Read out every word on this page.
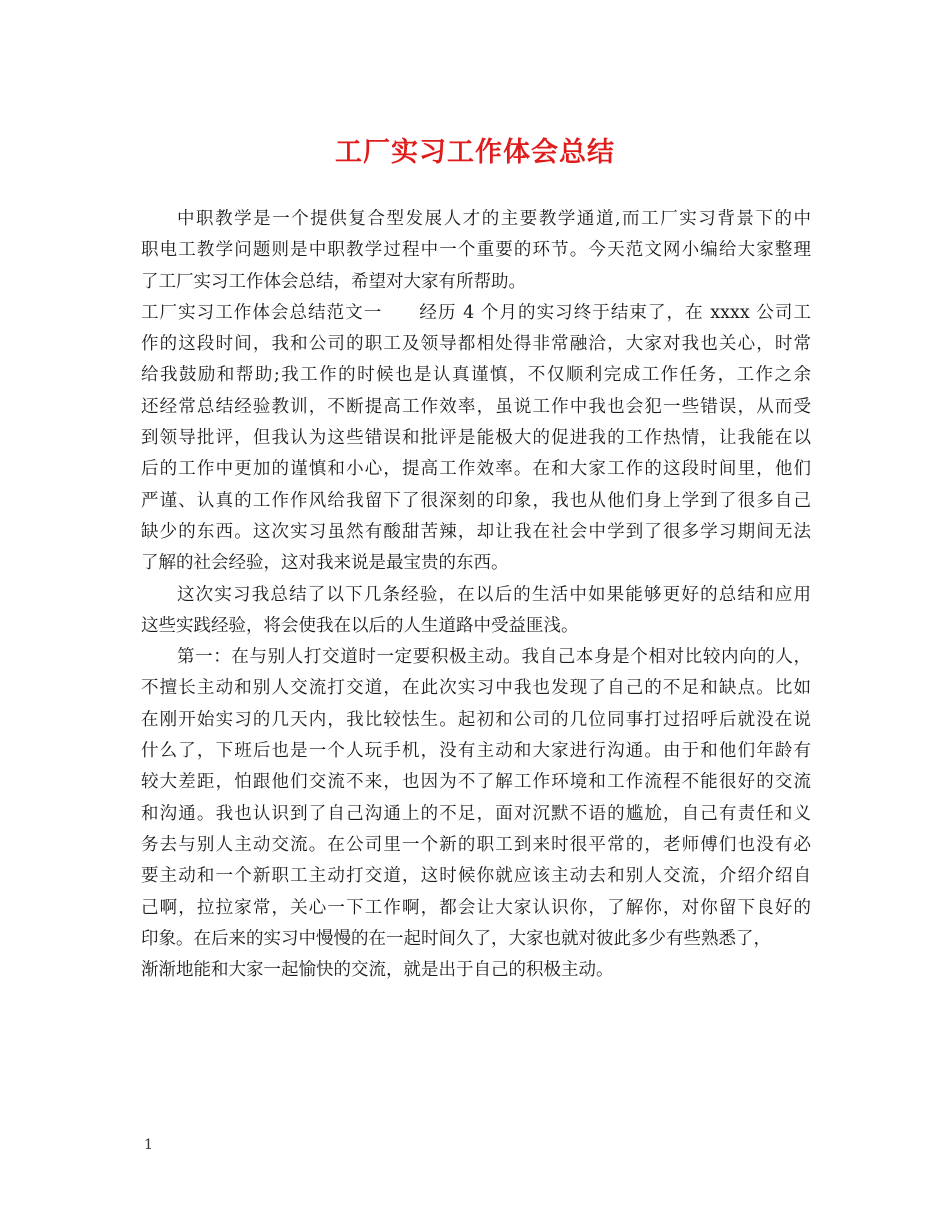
工厂实习工作体会总结
中职教学是一个提供复合型发展人才的主要教学通道,而工厂实习背景下的中
职电工教学问题则是中职教学过程中一个重要的环节。今天范文网小编给大家整理
了工厂实习工作体会总结，希望对大家有所帮助。
工厂实习工作体会总结范文一　　经历 4 个月的实习终于结束了，在 xxxx 公司工
作的这段时间，我和公司的职工及领导都相处得非常融洽，大家对我也关心，时常
给我鼓励和帮助;我工作的时候也是认真谨慎，不仅顺利完成工作任务，工作之余
还经常总结经验教训，不断提高工作效率，虽说工作中我也会犯一些错误，从而受
到领导批评，但我认为这些错误和批评是能极大的促进我的工作热情，让我能在以
后的工作中更加的谨慎和小心，提高工作效率。在和大家工作的这段时间里，他们
严谨、认真的工作作风给我留下了很深刻的印象，我也从他们身上学到了很多自己
缺少的东西。这次实习虽然有酸甜苦辣，却让我在社会中学到了很多学习期间无法
了解的社会经验，这对我来说是最宝贵的东西。
这次实习我总结了以下几条经验，在以后的生活中如果能够更好的总结和应用
这些实践经验，将会使我在以后的人生道路中受益匪浅。
第一：在与别人打交道时一定要积极主动。我自己本身是个相对比较内向的人，
不擅长主动和别人交流打交道，在此次实习中我也发现了自己的不足和缺点。比如
在刚开始实习的几天内，我比较怯生。起初和公司的几位同事打过招呼后就没在说
什么了，下班后也是一个人玩手机，没有主动和大家进行沟通。由于和他们年龄有
较大差距，怕跟他们交流不来，也因为不了解工作环境和工作流程不能很好的交流
和沟通。我也认识到了自己沟通上的不足，面对沉默不语的尴尬，自己有责任和义
务去与别人主动交流。在公司里一个新的职工到来时很平常的，老师傅们也没有必
要主动和一个新职工主动打交道，这时候你就应该主动去和别人交流，介绍介绍自
己啊，拉拉家常，关心一下工作啊，都会让大家认识你，了解你，对你留下良好的
印象。在后来的实习中慢慢的在一起时间久了，大家也就对彼此多少有些熟悉了，
渐渐地能和大家一起愉快的交流，就是出于自己的积极主动。
1
